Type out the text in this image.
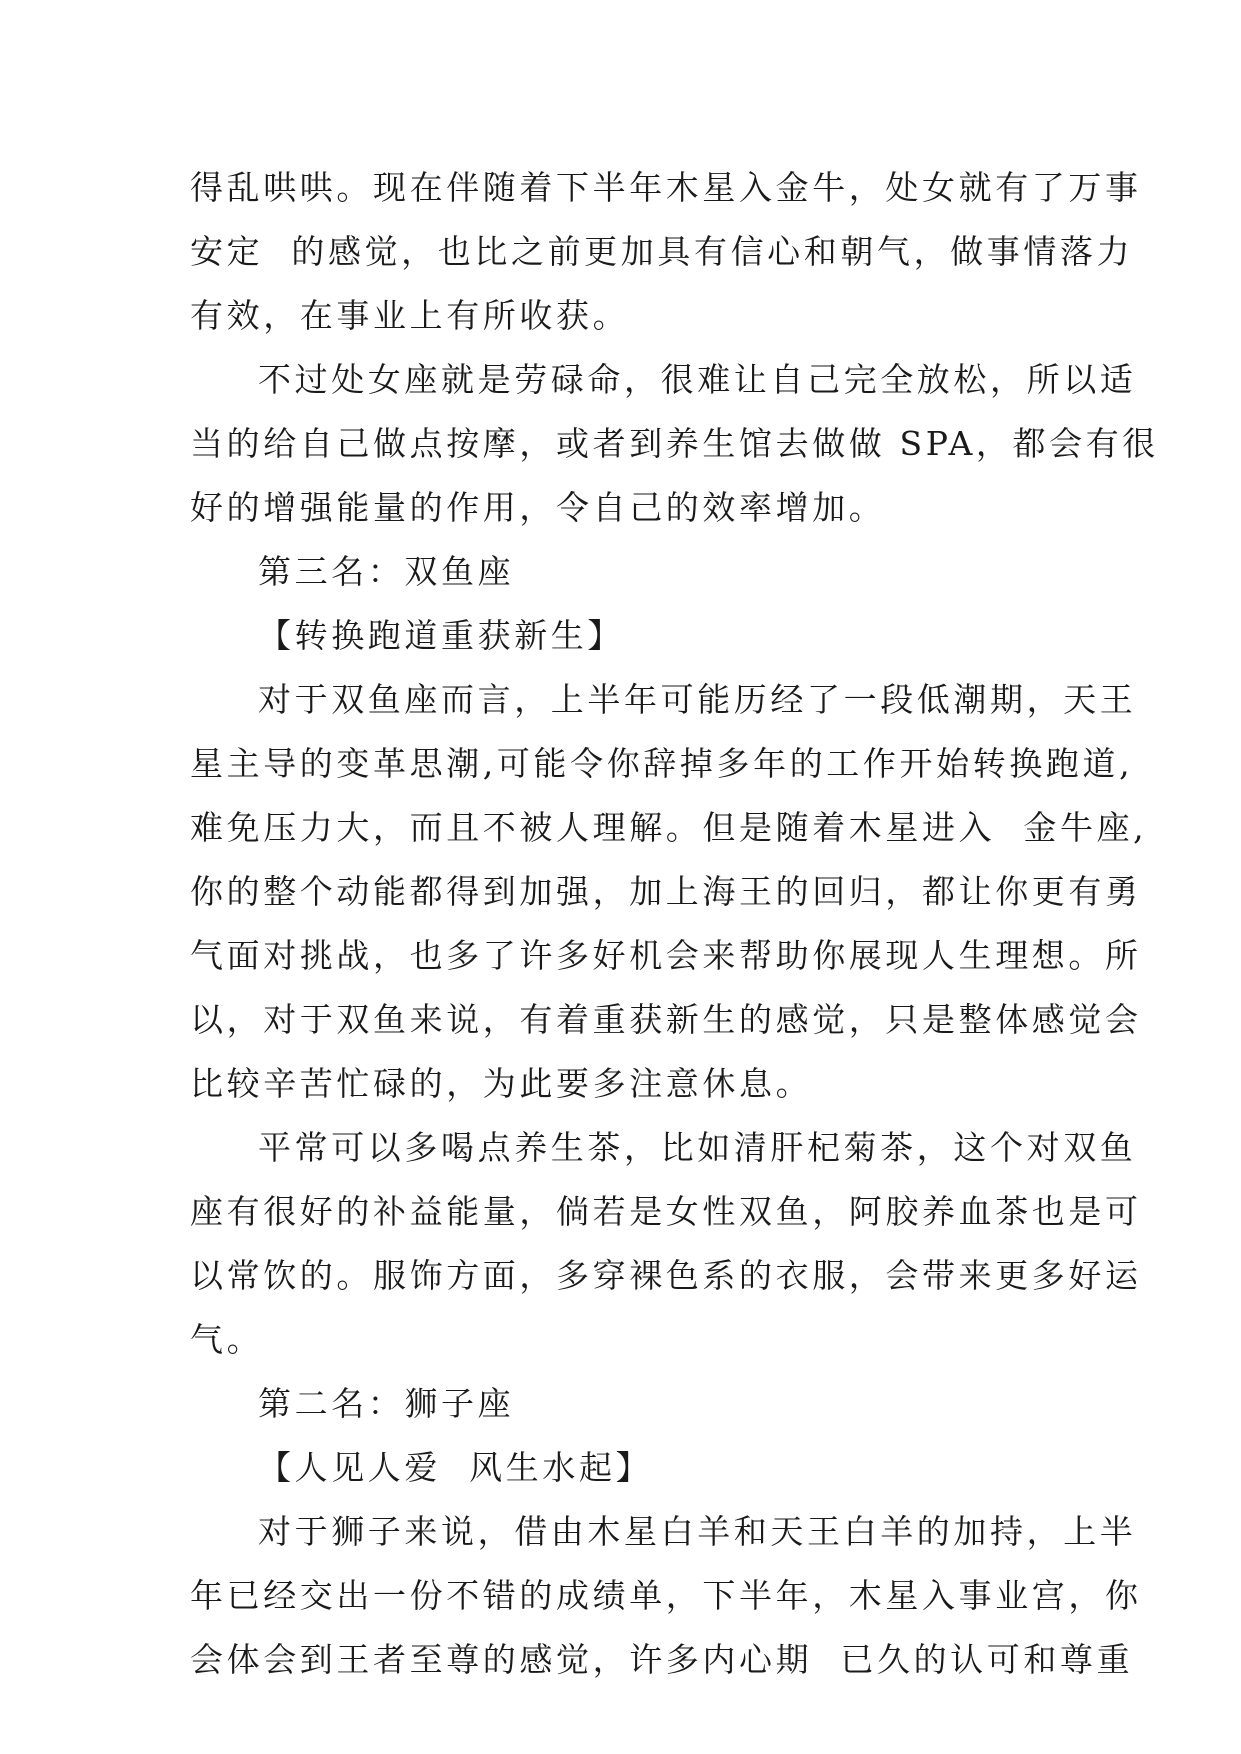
得乱哄哄。现在伴随着下半年木星入金牛，处女就有了万事
安定  的感觉，也比之前更加具有信心和朝气，做事情落力
有效，在事业上有所收获。
不过处女座就是劳碌命，很难让自己完全放松，所以适
当的给自己做点按摩，或者到养生馆去做做 SPA，都会有很
好的增强能量的作用，令自己的效率增加。
第三名：双鱼座
【转换跑道重获新生】
对于双鱼座而言，上半年可能历经了一段低潮期，天王
星主导的变革思潮,可能令你辞掉多年的工作开始转换跑道,
难免压力大，而且不被人理解。但是随着木星进入  金牛座,
你的整个动能都得到加强，加上海王的回归，都让你更有勇
气面对挑战，也多了许多好机会来帮助你展现人生理想。所
以，对于双鱼来说，有着重获新生的感觉，只是整体感觉会
比较辛苦忙碌的，为此要多注意休息。
平常可以多喝点养生茶，比如清肝杞菊茶，这个对双鱼
座有很好的补益能量，倘若是女性双鱼，阿胶养血茶也是可
以常饮的。服饰方面，多穿裸色系的衣服，会带来更多好运
气。
第二名：狮子座
【人见人爱  风生水起】
对于狮子来说，借由木星白羊和天王白羊的加持，上半
年已经交出一份不错的成绩单，下半年，木星入事业宫，你
会体会到王者至尊的感觉，许多内心期  已久的认可和尊重
